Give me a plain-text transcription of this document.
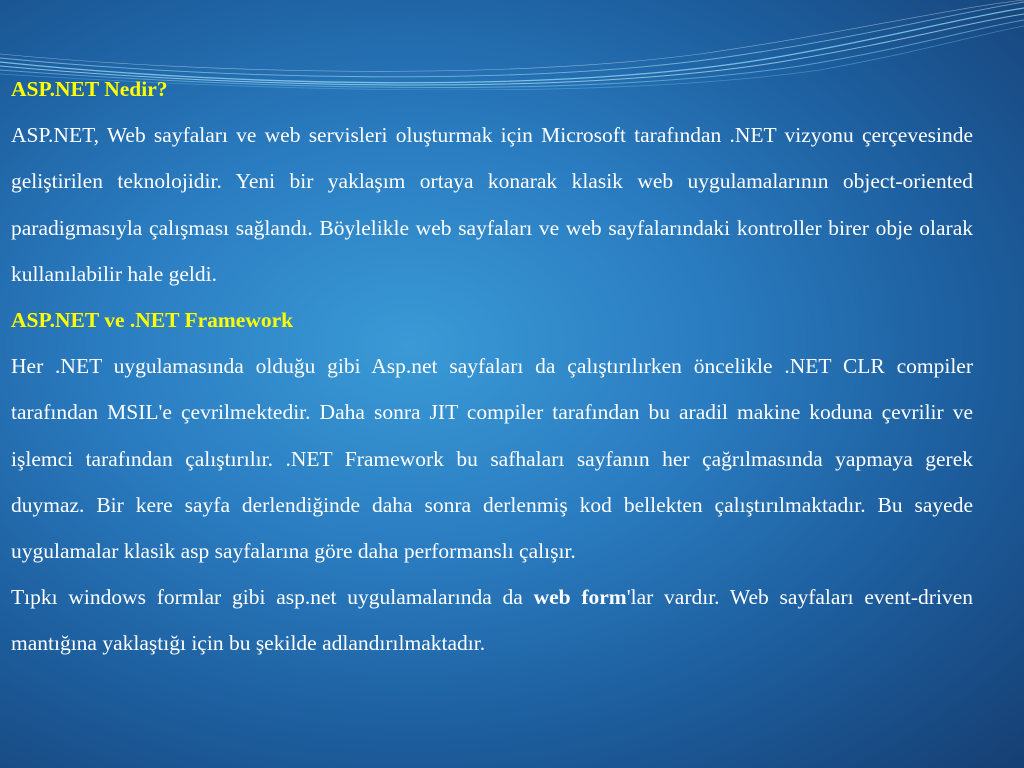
ASP.NET Nedir?

ASP.NET, Web sayfaları ve web servisleri oluşturmak için Microsoft tarafından .NET vizyonu çerçevesinde geliştirilen teknolojidir. Yeni bir yaklaşım ortaya konarak klasik web uygulamalarının object-oriented paradigmasıyla çalışması sağlandı. Böylelikle web sayfaları ve web sayfalarındaki kontroller birer obje olarak kullanılabilir hale geldi.

ASP.NET ve .NET Framework

Her .NET uygulamasında olduğu gibi Asp.net sayfaları da çalıştırılırken öncelikle .NET CLR compiler tarafından MSIL'e çevrilmektedir. Daha sonra JIT compiler tarafından bu aradil makine koduna çevrilir ve işlemci tarafından çalıştırılır. .NET Framework bu safhaları sayfanın her çağrılmasında yapmaya gerek duymaz. Bir kere sayfa derlendiğinde daha sonra derlenmiş kod bellekten çalıştırılmaktadır. Bu sayede uygulamalar klasik asp sayfalarına göre daha performanslı çalışır.

Tıpkı windows formlar gibi asp.net uygulamalarında da web form'lar vardır. Web sayfaları event-driven mantığına yaklaştığı için bu şekilde adlandırılmaktadır.
